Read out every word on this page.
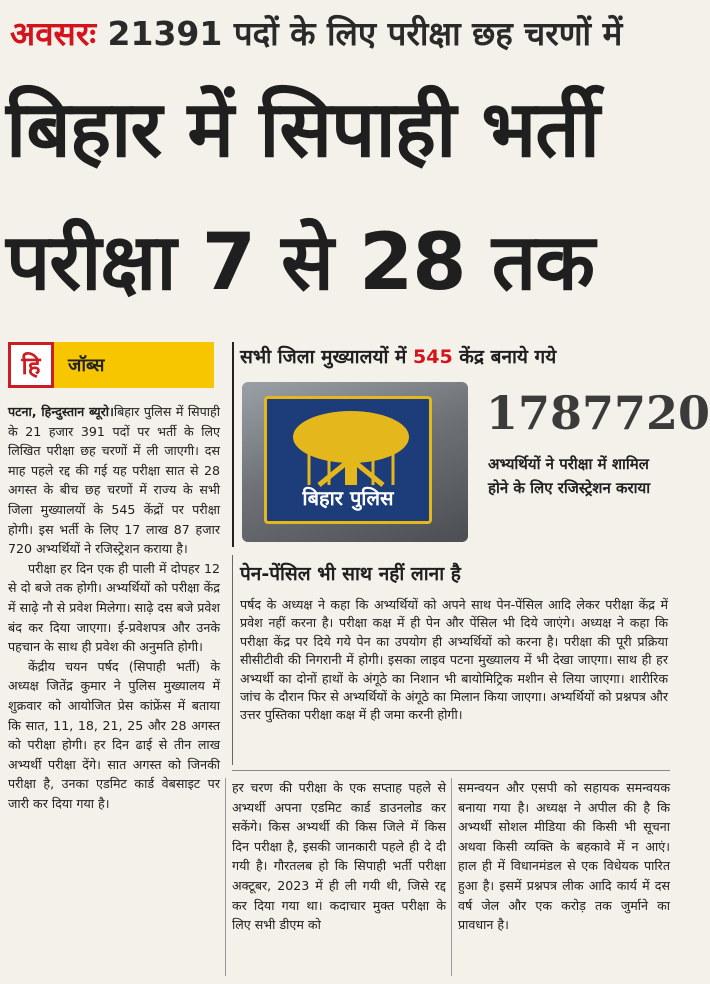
अवसरः 21391 पदों के लिए परीक्षा छह चरणों में
बिहार में सिपाही भर्ती
परीक्षा 7 से 28 तक
हि जॉब्स	सभी जिला मुख्यालयों में 545 केंद्र बनाये गये
बिहार पुलिस
1787720
अभ्यर्थियों ने परीक्षा में शामिल होने के लिए रजिस्ट्रेशन कराया
पेन-पेंसिल भी साथ नहीं लाना है
पर्षद के अध्यक्ष ने कहा कि अभ्यर्थियों को अपने साथ पेन-पेंसिल आदि लेकर परीक्षा केंद्र में प्रवेश नहीं करना है। परीक्षा कक्ष में ही पेन और पेंसिल भी दिये जाएंगे। अध्यक्ष ने कहा कि परीक्षा केंद्र पर दिये गये पेन का उपयोग ही अभ्यर्थियों को करना है। परीक्षा की पूरी प्रक्रिया सीसीटीवी की निगरानी में होगी। इसका लाइव पटना मुख्यालय में भी देखा जाएगा। साथ ही हर अभ्यर्थी का दोनों हाथों के अंगूठे का निशान भी बायोमिट्रिक मशीन से लिया जाएगा। शारीरिक जांच के दौरान फिर से अभ्यर्थियों के अंगूठे का मिलान किया जाएगा। अभ्यर्थियों को प्रश्नपत्र और उत्तर पुस्तिका परीक्षा कक्ष में ही जमा करनी होगी।

पटना, हिन्दुस्तान ब्यूरो।बिहार पुलिस में सिपाही के 21 हजार 391 पदों पर भर्ती के लिए लिखित परीक्षा छह चरणों में ली जाएगी। दस माह पहले रद्द की गई यह परीक्षा सात से 28 अगस्त के बीच छह चरणों में राज्य के सभी जिला मुख्यालयों के 545 केंद्रों पर परीक्षा होगी। इस भर्ती के लिए 17 लाख 87 हजार 720 अभ्यर्थियों ने रजिस्ट्रेशन कराया है।

परीक्षा हर दिन एक ही पाली में दोपहर 12 से दो बजे तक होगी। अभ्यर्थियों को परीक्षा केंद्र में साढ़े नौ से प्रवेश मिलेगा। साढ़े दस बजे प्रवेश बंद कर दिया जाएगा। ई-प्रवेशपत्र और उनके पहचान के साथ ही प्रवेश की अनुमति होगी।

केंद्रीय चयन पर्षद (सिपाही भर्ती) के अध्यक्ष जितेंद्र कुमार ने पुलिस मुख्यालय में शुक्रवार को आयोजित प्रेस कांफ्रेंस में बताया कि सात, 11, 18, 21, 25 और 28 अगस्त को परीक्षा होगी। हर दिन ढाई से तीन लाख अभ्यर्थी परीक्षा देंगे। सात अगस्त को जिनकी परीक्षा है, उनका एडमिट कार्ड वेबसाइट पर जारी कर दिया गया है।

हर चरण की परीक्षा के एक सप्ताह पहले से अभ्यर्थी अपना एडमिट कार्ड डाउनलोड कर सकेंगे। किस अभ्यर्थी की किस जिले में किस दिन परीक्षा है, इसकी जानकारी पहले ही दे दी गयी है। गौरतलब हो कि सिपाही भर्ती परीक्षा अक्टूबर, 2023 में ही ली गयी थी, जिसे रद्द कर दिया गया था। कदाचार मुक्त परीक्षा के लिए सभी डीएम को

समन्वयन और एसपी को सहायक समन्वयक बनाया गया है। अध्यक्ष ने अपील की है कि अभ्यर्थी सोशल मीडिया की किसी भी सूचना अथवा किसी व्यक्ति के बहकावे में न आएं। हाल ही में विधानमंडल से एक विधेयक पारित हुआ है। इसमें प्रश्नपत्र लीक आदि कार्य में दस वर्ष जेल और एक करोड़ तक जुर्माने का प्रावधान है।
